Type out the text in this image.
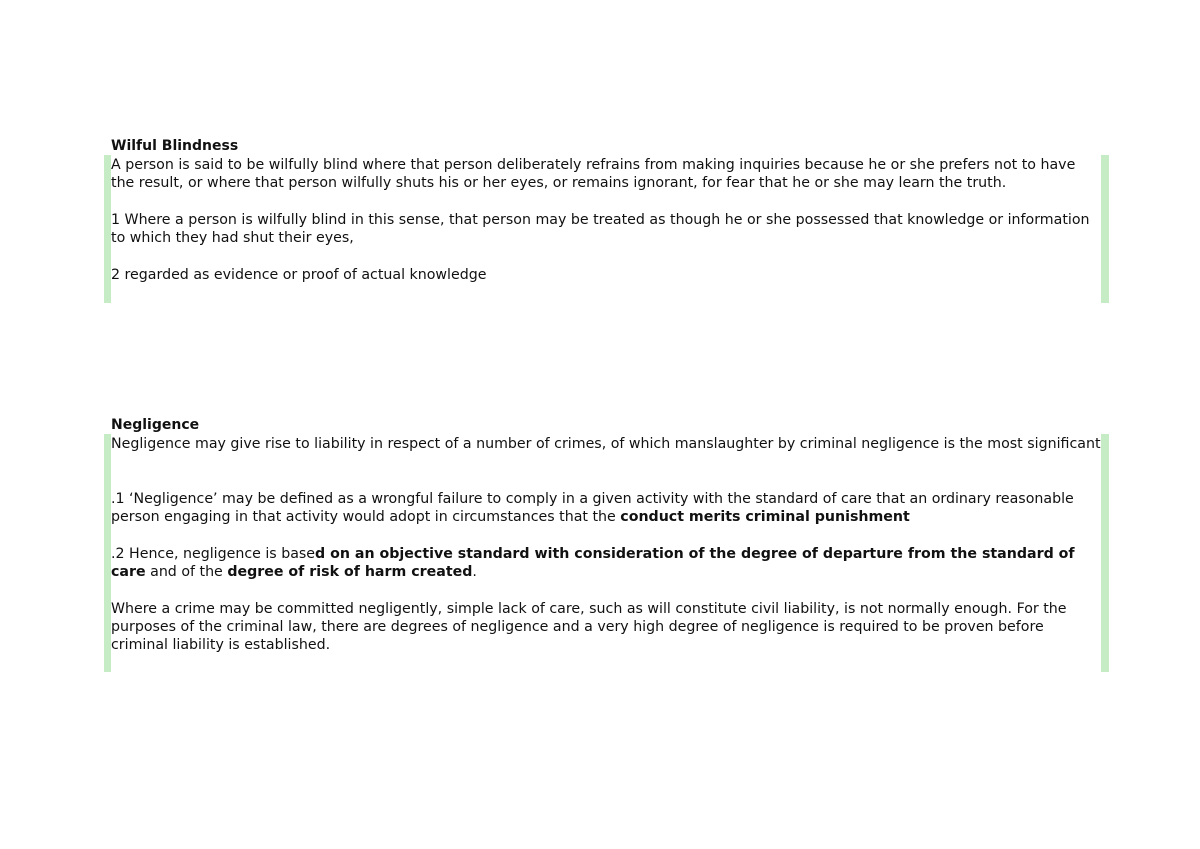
Wilful Blindness

A person is said to be wilfully blind where that person deliberately refrains from making inquiries because he or she prefers not to have the result, or where that person wilfully shuts his or her eyes, or remains ignorant, for fear that he or she may learn the truth.

1 Where a person is wilfully blind in this sense, that person may be treated as though he or she possessed that knowledge or information to which they had shut their eyes,

2 regarded as evidence or proof of actual knowledge

Negligence

Negligence may give rise to liability in respect of a number of crimes, of which manslaughter by criminal negligence is the most significant

.1 ‘Negligence’ may be defined as a wrongful failure to comply in a given activity with the standard of care that an ordinary reasonable person engaging in that activity would adopt in circumstances that the conduct merits criminal punishment

.2 Hence, negligence is based on an objective standard with consideration of the degree of departure from the standard of care and of the degree of risk of harm created.

Where a crime may be committed negligently, simple lack of care, such as will constitute civil liability, is not normally enough. For the purposes of the criminal law, there are degrees of negligence and a very high degree of negligence is required to be proven before criminal liability is established.
